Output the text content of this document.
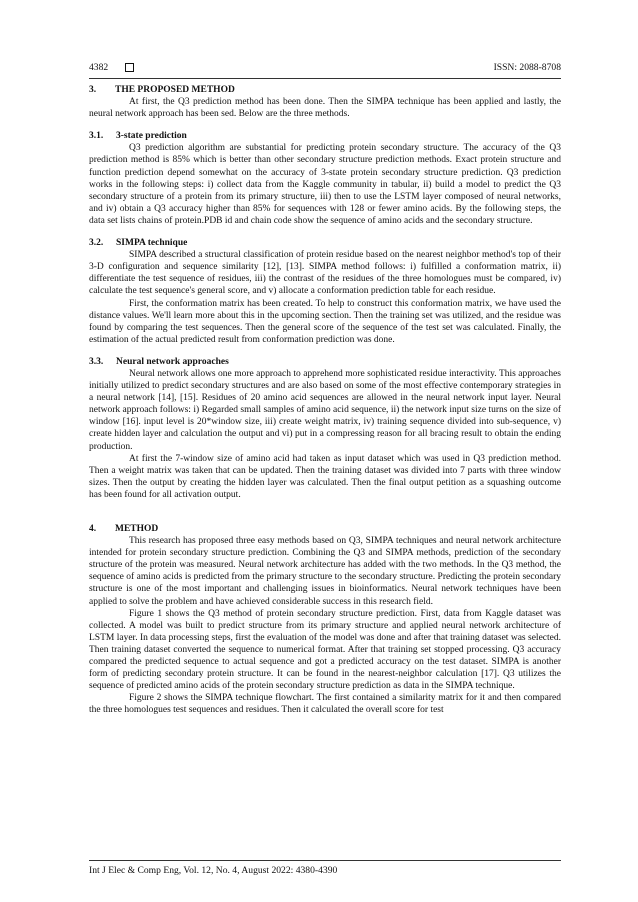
4382	ISSN: 2088-8708
3. THE PROPOSED METHOD

At first, the Q3 prediction method has been done. Then the SIMPA technique has been applied and lastly, the neural network approach has been sed. Below are the three methods.

3.1. 3-state prediction

Q3 prediction algorithm are substantial for predicting protein secondary structure. The accuracy of the Q3 prediction method is 85% which is better than other secondary structure prediction methods. Exact protein structure and function prediction depend somewhat on the accuracy of 3-state protein secondary structure prediction. Q3 prediction works in the following steps: i) collect data from the Kaggle community in tabular, ii) build a model to predict the Q3 secondary structure of a protein from its primary structure, iii) then to use the LSTM layer composed of neural networks, and iv) obtain a Q3 accuracy higher than 85% for sequences with 128 or fewer amino acids. By the following steps, the data set lists chains of protein.PDB id and chain code show the sequence of amino acids and the secondary structure.

3.2. SIMPA technique

SIMPA described a structural classification of protein residue based on the nearest neighbor method's top of their 3-D configuration and sequence similarity [12], [13]. SIMPA method follows: i) fulfilled a conformation matrix, ii) differentiate the test sequence of residues, iii) the contrast of the residues of the three homologues must be compared, iv) calculate the test sequence's general score, and v) allocate a conformation prediction table for each residue.

First, the conformation matrix has been created. To help to construct this conformation matrix, we have used the distance values. We'll learn more about this in the upcoming section. Then the training set was utilized, and the residue was found by comparing the test sequences. Then the general score of the sequence of the test set was calculated. Finally, the estimation of the actual predicted result from conformation prediction was done.

3.3. Neural network approaches

Neural network allows one more approach to apprehend more sophisticated residue interactivity. This approaches initially utilized to predict secondary structures and are also based on some of the most effective contemporary strategies in a neural network [14], [15]. Residues of 20 amino acid sequences are allowed in the neural network input layer. Neural network approach follows: i) Regarded small samples of amino acid sequence, ii) the network input size turns on the size of window [16]. input level is 20*window size, iii) create weight matrix, iv) training sequence divided into sub-sequence, v) create hidden layer and calculation the output and vi) put in a compressing reason for all bracing result to obtain the ending production.

At first the 7-window size of amino acid had taken as input dataset which was used in Q3 prediction method. Then a weight matrix was taken that can be updated. Then the training dataset was divided into 7 parts with three window sizes. Then the output by creating the hidden layer was calculated. Then the final output petition as a squashing outcome has been found for all activation output.

4. METHOD

This research has proposed three easy methods based on Q3, SIMPA techniques and neural network architecture intended for protein secondary structure prediction. Combining the Q3 and SIMPA methods, prediction of the secondary structure of the protein was measured. Neural network architecture has added with the two methods. In the Q3 method, the sequence of amino acids is predicted from the primary structure to the secondary structure. Predicting the protein secondary structure is one of the most important and challenging issues in bioinformatics. Neural network techniques have been applied to solve the problem and have achieved considerable success in this research field.

Figure 1 shows the Q3 method of protein secondary structure prediction. First, data from Kaggle dataset was collected. A model was built to predict structure from its primary structure and applied neural network architecture of LSTM layer. In data processing steps, first the evaluation of the model was done and after that training dataset was selected. Then training dataset converted the sequence to numerical format. After that training set stopped processing. Q3 accuracy compared the predicted sequence to actual sequence and got a predicted accuracy on the test dataset. SIMPA is another form of predicting secondary protein structure. It can be found in the nearest-neighbor calculation [17]. Q3 utilizes the sequence of predicted amino acids of the protein secondary structure prediction as data in the SIMPA technique.

Figure 2 shows the SIMPA technique flowchart. The first contained a similarity matrix for it and then compared the three homologues test sequences and residues. Then it calculated the overall score for test

Int J Elec & Comp Eng, Vol. 12, No. 4, August 2022: 4380-4390
